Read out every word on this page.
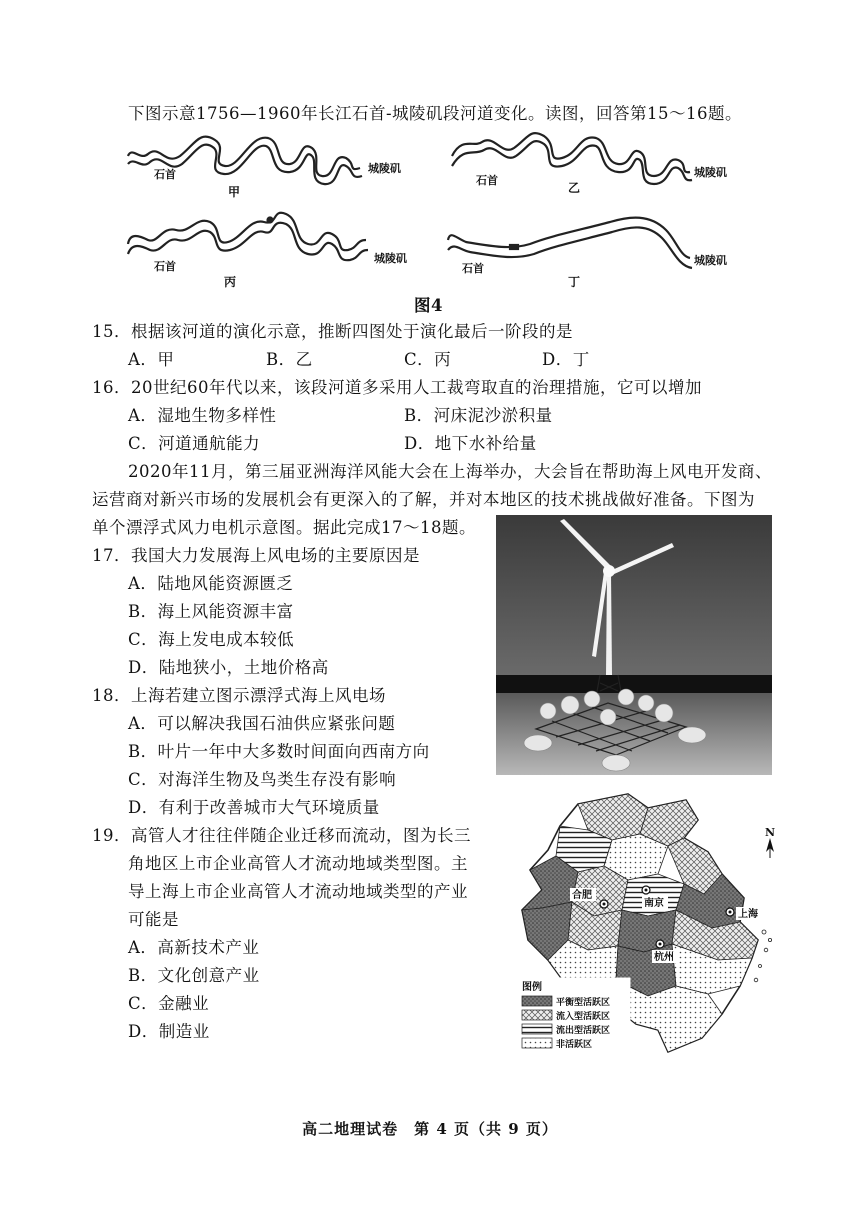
下图示意1756—1960年长江石首-城陵矶段河道变化。读图，回答第15～16题。
石首	城陵矶
甲
石首
城陵矶
乙
石首
城陵矶
丙
石首
城陵矶
丁
图4
15．根据该河道的演化示意，推断四图处于演化最后一阶段的是
A．甲	B．乙	C．丙	D．丁
16．20世纪60年代以来，该段河道多采用人工裁弯取直的治理措施，它可以增加
A．湿地生物多样性	B．河床泥沙淤积量
C．河道通航能力	D．地下水补给量
2020年11月，第三届亚洲海洋风能大会在上海举办，大会旨在帮助海上风电开发商、
运营商对新兴市场的发展机会有更深入的了解，并对本地区的技术挑战做好准备。下图为
单个漂浮式风力电机示意图。据此完成17～18题。
17．我国大力发展海上风电场的主要原因是
A．陆地风能资源匮乏
B．海上风能资源丰富
C．海上发电成本较低
D．陆地狭小，土地价格高
18．上海若建立图示漂浮式海上风电场
A．可以解决我国石油供应紧张问题
B．叶片一年中大多数时间面向西南方向
C．对海洋生物及鸟类生存没有影响
D．有利于改善城市大气环境质量
19．高管人才往往伴随企业迁移而流动，图为长三
角地区上市企业高管人才流动地域类型图。主
导上海上市企业高管人才流动地域类型的产业
可能是
A．高新技术产业
B．文化创意产业
C．金融业
D．制造业
N
合肥
南京
上海
杭州
图例
平衡型活跃区
流入型活跃区
流出型活跃区
非活跃区
高二地理试卷　第 4 页（共 9 页）
